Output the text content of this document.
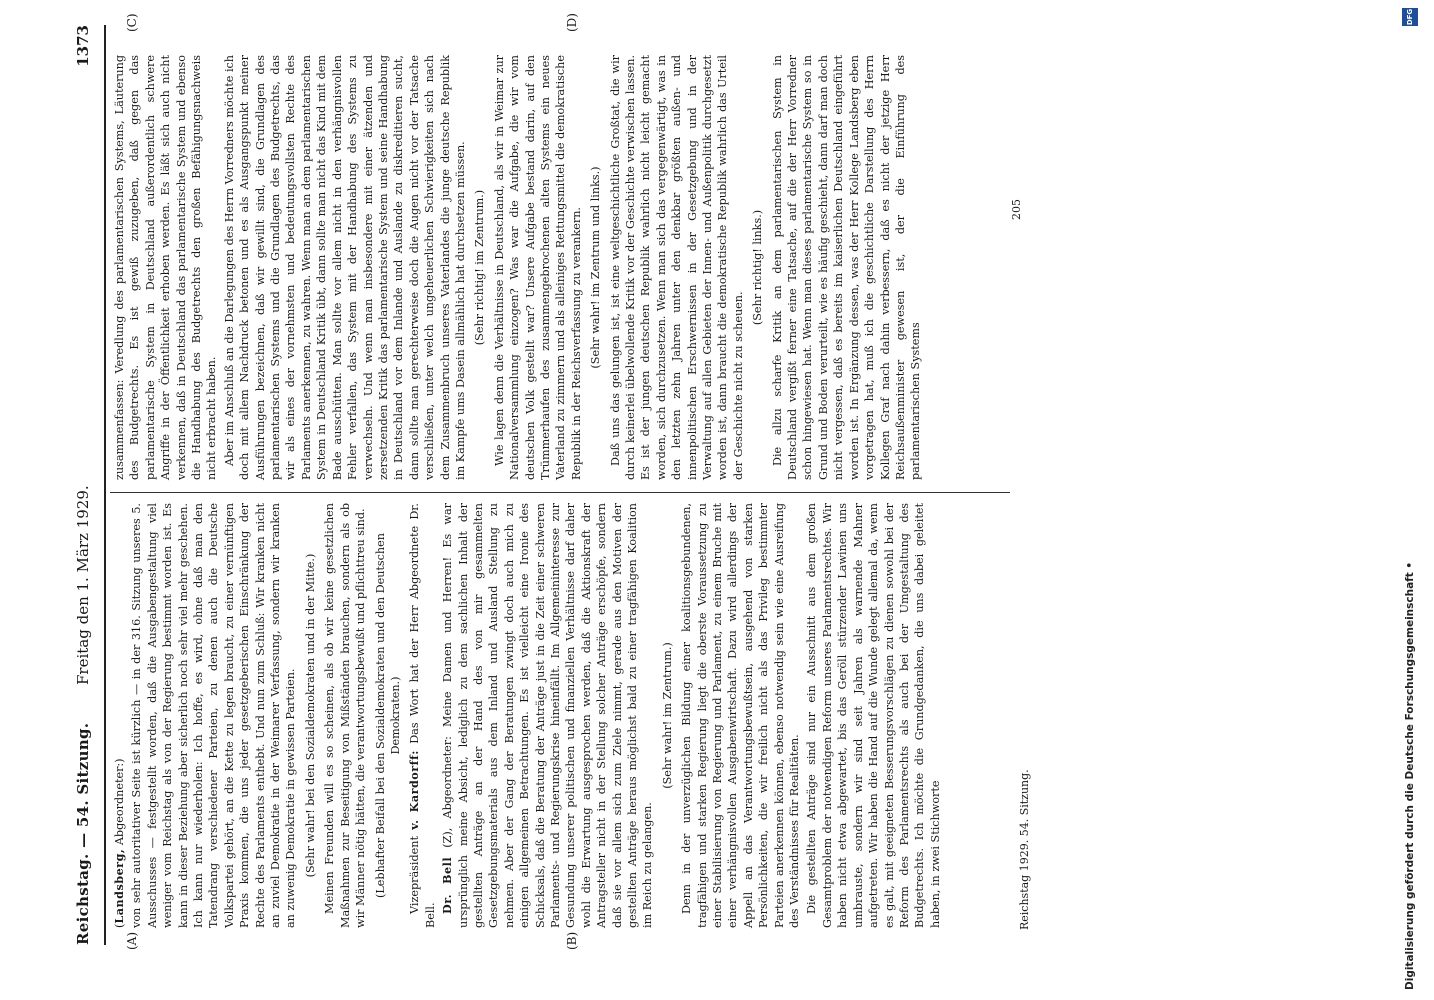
Reichstag. — 54. Sitzung.
Freitag den 1. März 1929.
1373
(A)	(B)
(C)	(D)

(Landsberg, Abgeordneter:) von sehr autoritativer Seite ist kürzlich — in der 316. Sitzung unseres 5. Ausschusses — festgestellt worden, daß die Ausgabengestaltung viel weniger vom Reichstag als von der Regierung bestimmt worden ist. Es kann in dieser Beziehung aber sicherlich noch sehr viel mehr geschehen. Ich kann nur wiederholen: Ich hoffe, es wird, ohne daß man den Tatendrang verschiedener Parteien, zu denen auch die Deutsche Volkspartei gehört, an die Kette zu legen braucht, zu einer vernünftigen Praxis kommen, die uns jeder gesetzgeberischen Einschränkung der Rechte des Parlaments enthebt. Und nun zum Schluß: Wir kranken nicht an zuviel Demokratie in der Weimarer Verfassung, sondern wir kranken an zuwenig Demokratie in gewissen Parteien. (Sehr wahr! bei den Sozialdemokraten und in der Mitte.) Meinen Freunden will es so scheinen, als ob wir keine gesetzlichen Maßnahmen zur Beseitigung von Mißständen brauchen, sondern als ob wir Männer nötig hätten, die verantwortungsbewußt und pflichttreu sind. (Lebhafter Beifall bei den Sozialdemokraten und den Deutschen Demokraten.)

Vizepräsident v. Kardorff: Das Wort hat der Herr Abgeordnete Dr. Bell.

Dr. Bell (Z), Abgeordneter: Meine Damen und Herren! Es war ursprünglich meine Absicht, lediglich zu dem sachlichen Inhalt der gestellten Anträge an der Hand des von mir gesammelten Gesetzgebungsmaterials aus dem Inland und Ausland Stellung zu nehmen. Aber der Gang der Beratungen zwingt doch auch mich zu einigen allgemeinen Betrachtungen. Es ist vielleicht eine Ironie des Schicksals, daß die Beratung der Anträge just in die Zeit einer schweren Parlaments- und Regierungskrise hineinfällt. Im Allgemeininteresse zur Gesundung unserer politischen und finanziellen Verhältnisse darf daher wohl die Erwartung ausgesprochen werden, daß die Aktionskraft der Antragsteller nicht in der Stellung solcher Anträge erschöpfe, sondern daß sie vor allem sich zum Ziele nimmt, gerade aus den Motiven der gestellten Anträge heraus möglichst bald zu einer tragfähigen Koalition im Reich zu gelangen.

(Sehr wahr! im Zentrum.) Denn in der unverzüglichen Bildung einer koalitionsgebundenen, tragfähigen und starken Regierung liegt die oberste Voraussetzung zu einer Stabilisierung von Regierung und Parlament, zu einem Bruche mit einer verhängnisvollen Ausgabenwirtschaft. Dazu wird allerdings der Appell an das Verantwortungsbewußtsein, ausgehend von starken Persönlichkeiten, die wir freilich nicht als das Privileg bestimmter Parteien anerkennen können, ebenso notwendig sein wie eine Ausreifung des Verständnisses für Realitäten. Die gestellten Anträge sind nur ein Ausschnitt aus dem großen Gesamtproblem der notwendigen Reform unseres Parlamentsrechtes. Wir haben nicht etwa abgewartet, bis das Geröll stürzender Lawinen uns umbrauste, sondern wir sind seit Jahren als warnende Mahner aufgetreten. Wir haben die Hand auf die Wunde gelegt allemal da, wenn es galt, mit geeigneten Besserungsvorschlägen zu dienen sowohl bei der Reform des Parlamentsrechts als auch bei der Umgestaltung des Budgetrechts. Ich möchte die Grundgedanken, die uns dabei geleitet haben, in zwei Stichworte

zusammenfassen: Veredlung des parlamentarischen Systems, Läuterung des Budgetrechts. Es ist gewiß zuzugeben, daß gegen das parlamentarische System in Deutschland außerordentlich schwere Angriffe in der Öffentlichkeit erhoben werden. Es läßt sich auch nicht verkennen, daß in Deutschland das parlamentarische System und ebenso die Handhabung des Budgetrechts den großen Befähigungsnachweis nicht erbracht haben. Aber im Anschluß an die Darlegungen des Herrn Vorredners möchte ich doch mit allem Nachdruck betonen und es als Ausgangspunkt meiner Ausführungen bezeichnen, daß wir gewillt sind, die Grundlagen des parlamentarischen Systems und die Grundlagen des Budgetrechts, das wir als eines der vornehmsten und bedeutungsvollsten Rechte des Parlaments anerkennen, zu wahren. Wenn man an dem parlamentarischen System in Deutschland Kritik übt, dann sollte man nicht das Kind mit dem Bade ausschütten. Man sollte vor allem nicht in den verhängnisvollen Fehler verfallen, das System mit der Handhabung des Systems zu verwechseln. Und wenn man insbesondere mit einer ätzenden und zersetzenden Kritik das parlamentarische System und seine Handhabung in Deutschland vor dem Inlande und Auslande zu diskreditieren sucht, dann sollte man gerechterweise doch die Augen nicht vor der Tatsache verschließen, unter welch ungeheuerlichen Schwierigkeiten sich nach dem Zusammenbruch unseres Vaterlandes die junge deutsche Republik im Kampfe ums Dasein allmählich hat durchsetzen müssen. (Sehr richtig! im Zentrum.) Wie lagen denn die Verhältnisse in Deutschland, als wir in Weimar zur Nationalversammlung einzogen? Was war die Aufgabe, die wir vom deutschen Volk gestellt war? Unsere Aufgabe bestand darin, auf den Trümmerhaufen des zusammengebrochenen alten Systems ein neues Vaterland zu zimmern und als alleiniges Rettungsmittel die demokratische Republik in der Reichsverfassung zu verankern. (Sehr wahr! im Zentrum und links.) Daß uns das gelungen ist, ist eine weltgeschichtliche Großtat, die wir durch keinerlei übelwollende Kritik vor der Geschichte verwischen lassen. Es ist der jungen deutschen Republik wahrlich nicht leicht gemacht worden, sich durchzusetzen. Wenn man sich das vergegenwärtigt, was in den letzten zehn Jahren unter den denkbar größten außen- und innenpolitischen Erschwernissen in der Gesetzgebung und in der Verwaltung auf allen Gebieten der Innen- und Außenpolitik durchgesetzt worden ist, dann braucht die demokratische Republik wahrlich das Urteil der Geschichte nicht zu scheuen.

(Sehr richtig! links.) Die allzu scharfe Kritik an dem parlamentarischen System in Deutschland vergißt ferner eine Tatsache, auf die der Herr Vorredner schon hingewiesen hat. Wenn man dieses parlamentarische System so in Grund und Boden verurteilt, wie es häufig geschieht, dann darf man doch nicht vergessen, daß es bereits im kaiserlichen Deutschland eingeführt worden ist. In Ergänzung dessen, was der Herr Kollege Landsberg eben vorgetragen hat, muß ich die geschichtliche Darstellung des Herrn Kollegen Graf nach dahin verbessern, daß es nicht der jetzige Herr Reichsaußenminister gewesen ist, der die Einführung des parlamentarischen Systems

Reichstag 1929. 54. Sitzung.
205
Digitalisierung gefördert durch die Deutsche Forschungsgemeinschaft •
DFG
